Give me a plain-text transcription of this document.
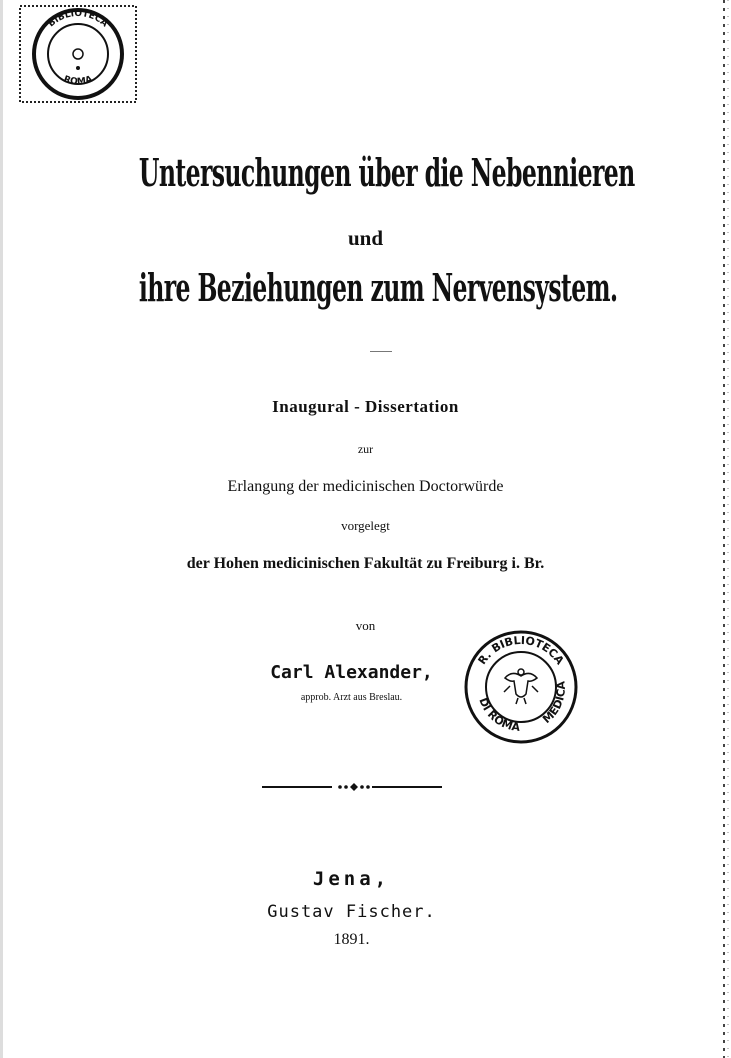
BIBLIOTECA
ROMA
Untersuchungen über die Nebennieren
und
ihre Beziehungen zum Nervensystem.
Inaugural - Dissertation
zur
Erlangung der medicinischen Doctorwürde
vorgelegt
der Hohen medicinischen Fakultät zu Freiburg i. Br.
von
Carl Alexander,
approb. Arzt aus Breslau.
R. BIBLIOTECA
DI ROMA
MEDICA
Jena,
Gustav Fischer.
1891.
